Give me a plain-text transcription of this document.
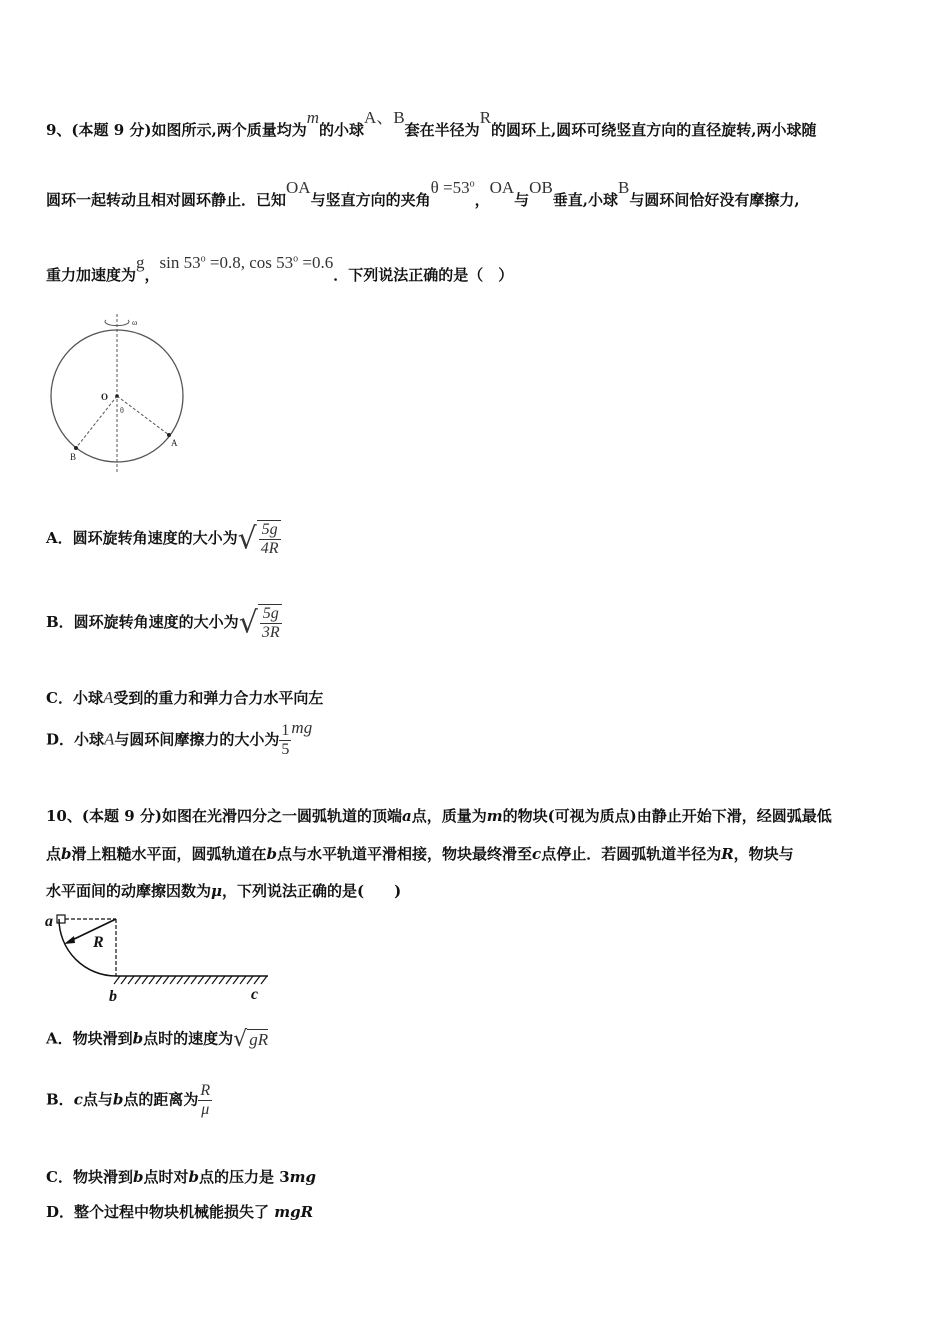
9、(本题 9 分)如图所示,两个质量均为m的小球A、B套在半径为R的圆环上,圆环可绕竖直方向的直径旋转,两小球随
圆环一起转动且相对圆环静止．已知OA与竖直方向的夹角$\theta =53^o$，OA与OB垂直,小球B与圆环间恰好没有摩擦力,
重力加速度为g，$\sin 53^o =0.8$, $\cos 53^o =0.6$．下列说法正确的是（　）
ω
O
θ
A
B
A．圆环旋转角速度的大小为√ $\frac{5g}{4R}$
B．圆环旋转角速度的大小为√ $\frac{5g}{3R}$
C．小球A受到的重力和弹力合力水平向左
D．小球A与圆环间摩擦力的大小为 $\frac{1}{5}$ mg
10、(本题 9 分)如图在光滑四分之一圆弧轨道的顶端a点，质量为m的物块(可视为质点)由静止开始下滑，经圆弧最低
点b滑上粗糙水平面，圆弧轨道在b点与水平轨道平滑相接，物块最终滑至c点停止．若圆弧轨道半径为R，物块与
水平面间的动摩擦因数为μ，下列说法正确的是(　　)
a
R
b	c
A．物块滑到b点时的速度为√ gR
B．c点与b点的距离为 $\frac{R}{\mu}$
C．物块滑到b点时对b点的压力是 3mg
D．整个过程中物块机械能损失了 mgR
